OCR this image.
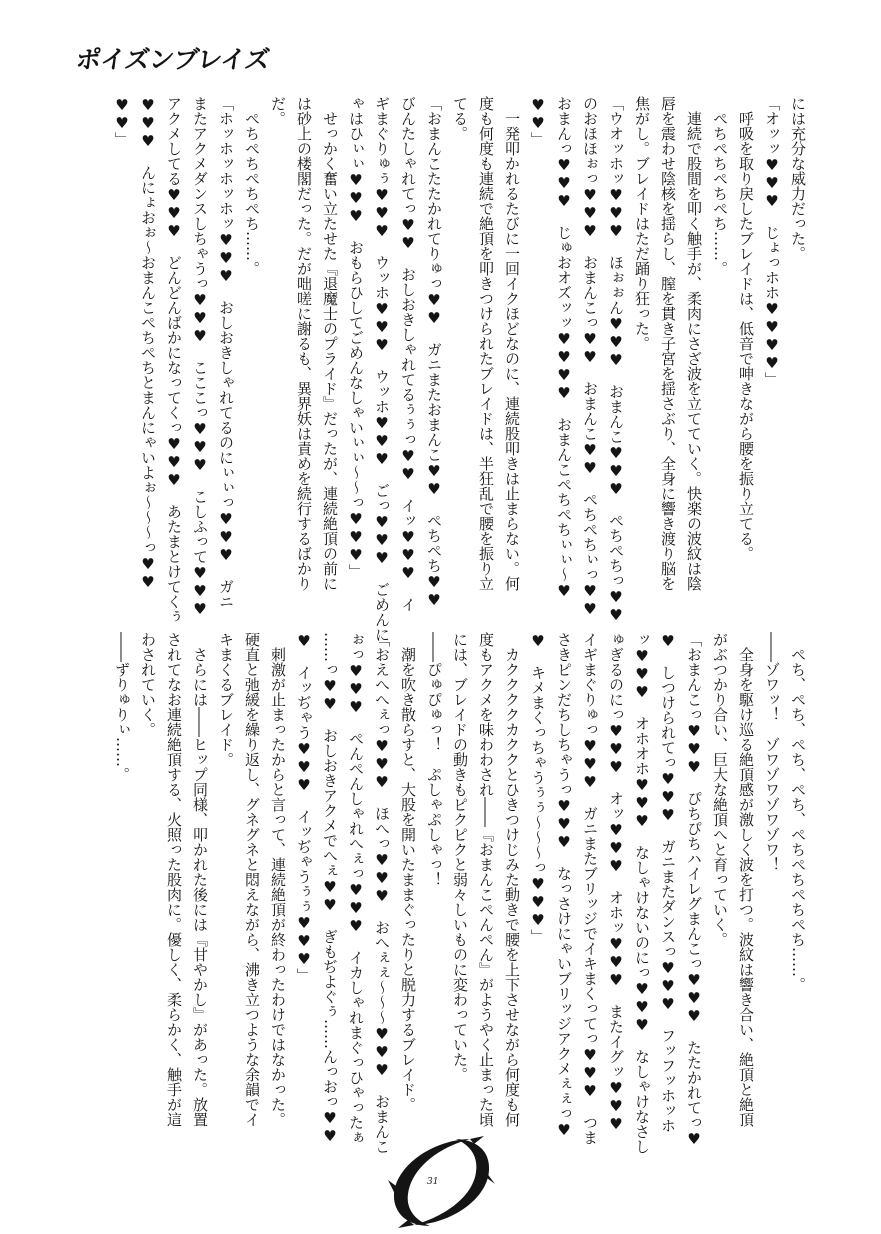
ポイズンブレイズ
には充分な威力だった。
「オッッ♥♥♥　じょっホホ♥♥♥♥」
　呼吸を取り戻したブレイドは、低音で呻きながら腰を振り立てる。
　ぺちぺちぺちぺち……。
　連続で股間を叩く触手が、柔肉にさざ波を立てていく。快楽の波紋は陰
唇を震わせ陰核を揺らし、膣を貫き子宮を揺さぶり、全身に響き渡り脳を
焦がし。ブレイドはただ踊り狂った。
「ウオッホッ♥♥♥　ほぉぉん♥♥♥　おまんこ♥♥♥　ぺちぺちっ♥♥
のおほほぉっ♥♥♥　おまんこっ♥♥　おまんこ♥♥　ぺちぺちぃっ♥♥
おまんっ♥♥♥　じゅおオズッッ♥♥♥♥　おまんこぺちぺちぃぃ〜♥
♥♥」
　一発叩かれるたびに一回イクほどなのに、連続股叩きは止まらない。何
度も何度も連続で絶頂を叩きつけられたブレイドは、半狂乱で腰を振り立
てる。
「おまんこたたかれてりゅっ♥♥　ガニまたおまんこ♥♥　ぺちぺち♥♥
びんたしゃれてっ♥♥　おしおきしゃれてるぅぅっ♥♥　イッ♥♥♥　イ
ギまぐりゅぅ♥♥♥　ウッホ♥♥♥　ウッホ♥♥♥　ごっ♥♥♥　ごめんに
ゃはひぃぃ♥♥♥　おもらひしてごめんなしゃいぃぃ〜〜っ♥♥♥」
　せっかく奮い立たせた『退魔士のプライド』だったが、連続絶頂の前に
は砂上の楼閣だった。だが咄嗟に謝るも、異界妖は責めを続行するばかり
だ。
　ぺちぺちぺちぺち……。
「ホッホッホッホッ♥♥♥　おしおきしゃれてるのにぃぃっ♥♥♥　ガニ
またアクメダンスしちゃうっ♥♥♥　こここっ♥♥♥　こしふって♥♥♥
アクメしてる♥♥♥　どんどんばかになってくっ♥♥♥　あたまとけてくぅ
♥♥♥　んにょおぉ〜おまんこぺちぺちとまんにゃいよぉ〜〜〜っ♥♥
♥♥」
　ぺち、ぺち、ぺち、ぺち、ぺちぺちぺちぺち……。
――ゾワッ！　ゾワゾワゾワゾワ！
　全身を駆け巡る絶頂感が激しく波を打つ。波紋は響き合い、絶頂と絶頂
がぶつかり合い、巨大な絶頂へと育っていく。
「おまんこっ♥♥♥　ぴちぴちハイレグまんこっ♥♥♥　たたかれてっ♥
♥　しつけられてっ♥♥♥　ガニまたダンスっ♥♥♥　フッフッホッホ
ッ♥♥♥　オホオホ♥♥♥　なしゃけないのにっ♥♥♥　なしゃけなさし
ゅぎるのにっ♥♥♥　オッ♥♥♥　オホッ♥♥♥　またイグッ♥♥♥
イギまぐりゅっ♥♥♥　ガニまたブリッジでイキまくってっ♥♥♥　つま
さきピンだちしちゃうっ♥♥♥　なっさけにゃいブリッジアクメぇぇっ♥
♥　キメまくっちゃうぅぅ〜〜〜っ♥♥♥」
　カククククカククとひきつけじみた動きで腰を上下させながら何度も何
度もアクメを味わわされ――『おまんこぺんぺん』がようやく止まった頃
には、ブレイドの動きもピクピクと弱々しいものに変わっていた。
――ぴゅぴゅっ！　ぷしゃぷしゃっ！
　潮を吹き散らすと、大股を開いたままぐったりと脱力するブレイド。
「おえへへぇっ♥♥♥　ほへっ♥♥♥　おへぇぇ〜〜〜♥♥♥　おまんこ
ぉっ♥♥♥　ぺんぺんしゃれへぇっ♥♥♥　イカしゃれまぐっひゃったぁ
……っ♥♥　おしおきアクメでへぇ♥♥　ぎもぢよぐぅ……んっおっ♥♥
♥　イッぢゃう♥♥♥　イッぢゃうぅぅ♥♥♥」
　刺激が止まったからと言って、連続絶頂が終わったわけではなかった。
硬直と弛緩を繰り返し、グネグネと悶えながら、沸き立つような余韻でイ
キまくるブレイド。
　さらには――ヒップ同様、叩かれた後には『甘やかし』があった。放置
されてなお連続絶頂する、火照った股肉に。優しく、柔らかく、触手が這
わされていく。
――ずりゅりぃ……。
31
